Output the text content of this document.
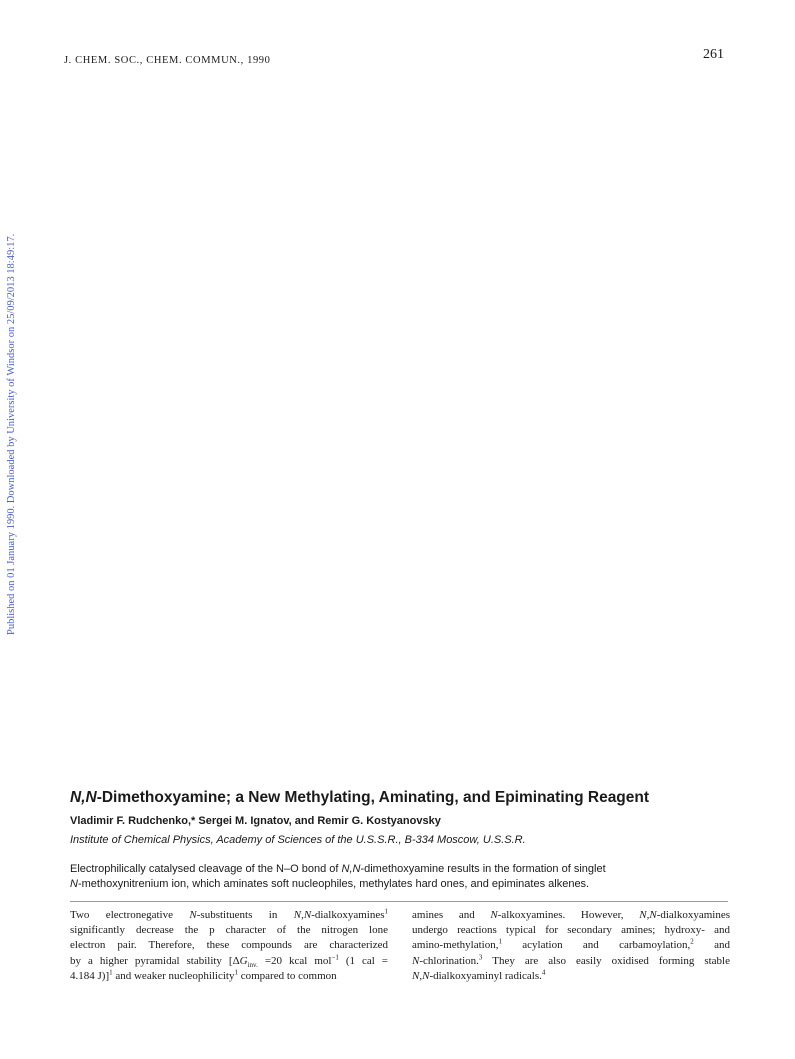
J. CHEM. SOC., CHEM. COMMUN., 1990	261
Published on 01 January 1990. Downloaded by University of Windsor on 25/09/2013 18:49:17.
N,N-Dimethoxyamine; a New Methylating, Aminating, and Epiminating Reagent
Vladimir F. Rudchenko,* Sergei M. Ignatov, and Remir G. Kostyanovsky
Institute of Chemical Physics, Academy of Sciences of the U.S.S.R., B-334 Moscow, U.S.S.R.
Electrophilically catalysed cleavage of the N–O bond of N,N-dimethoxyamine results in the formation of singlet
N-methoxynitrenium ion, which aminates soft nucleophiles, methylates hard ones, and epiminates alkenes.
Two electronegative N-substituents in N,N-dialkoxyamines$^1$
significantly decrease the p character of the nitrogen lone
electron pair. Therefore, these compounds are characterized
by a higher pyramidal stability [$\Delta G_{inv.} =20$ kcal mol$^{-1}$ (1 cal =
4.184 J)]$^1$ and weaker nucleophilicity$^1$ compared to common
amines and N-alkoxyamines. However, N,N-dialkoxyamines
undergo reactions typical for secondary amines; hydroxy- and
amino-methylation,$^1$ acylation and carbamoylation,$^2$ and
N-chlorination.$^3$ They are also easily oxidised forming stable
N,N-dialkoxyaminyl radicals.$^4$
